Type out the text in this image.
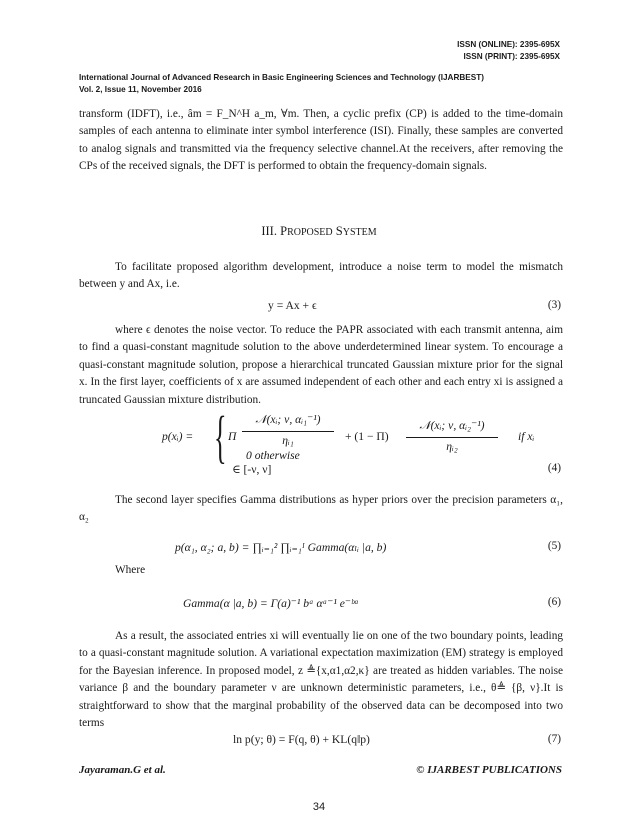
ISSN (ONLINE): 2395-695X
ISSN (PRINT): 2395-695X
International Journal of Advanced Research in Basic Engineering Sciences and Technology (IJARBEST)
Vol. 2, Issue 11, November 2016
transform (IDFT), i.e., âm = F_N^H a_m, ∀m. Then, a cyclic prefix (CP) is added to the time-domain samples of each antenna to eliminate inter symbol interference (ISI). Finally, these samples are converted to analog signals and transmitted via the frequency selective channel.At the receivers, after removing the CPs of the received signals, the DFT is performed to obtain the frequency-domain signals.
III. PROPOSED SYSTEM
To facilitate proposed algorithm development, introduce a noise term to model the mismatch between y and Ax, i.e.
y = Ax + ϵ	(3)
where ϵ denotes the noise vector. To reduce the PAPR associated with each transmit antenna, aim to find a quasi-constant magnitude solution to the above underdetermined linear system. To encourage a quasi-constant magnitude solution, propose a hierarchical truncated Gaussian mixture prior for the signal x. In the first layer, coefficients of x are assumed independent of each other and each entry xi is assigned a truncated Gaussian mixture distribution.
p(xᵢ) = { Π
𝒩(xᵢ; ν, αᵢ₁⁻¹)
ηᵢ₁	+ (1 − Π)
𝒩(xᵢ; ν, αᵢ₂⁻¹)
ηᵢ₂
if xᵢ
0 otherwise
∈ [-ν, ν]	(4)
The second layer specifies Gamma distributions as hyper priors over the precision parameters α₁, α₂
p(α₁, α₂; a, b) = ∏ᵢ₌₁² ∏ᵢ₌₁ᴵ Gamma(αₗᵢ |a, b)	(5)
Where
Gamma(α |a, b) = Γ(a)⁻¹ bᵃ αᵃ⁻¹ e⁻ᵇᵅ	(6)
As a result, the associated entries xi will eventually lie on one of the two boundary points, leading to a quasi-constant magnitude solution. A variational expectation maximization (EM) strategy is employed for the Bayesian inference. In proposed model, z ≜{x,α1,α2,κ} are treated as hidden variables. The noise variance β and the boundary parameter ν are unknown deterministic parameters, i.e., θ≜ {β, ν}.It is straightforward to show that the marginal probability of the observed data can be decomposed into two terms
ln p(y; θ) = F(q, θ) + KL(q‖p)	(7)
Jayaraman.G et al.	© IJARBEST PUBLICATIONS
34
